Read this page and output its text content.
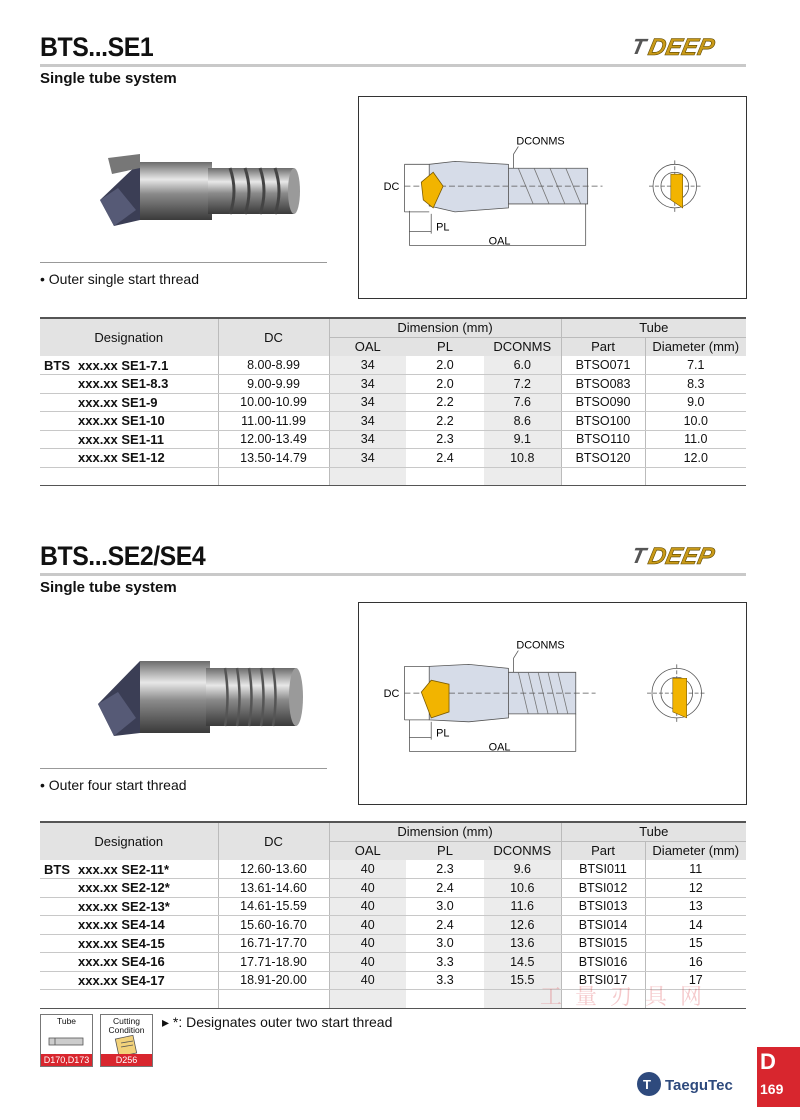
BTS...SE1
Single tube system
T
DEEP
• Outer single start thread
DC
DCONMS
PL
OAL
Designation	DC	Dimension (mm)			Tube	
		OAL	PL	DCONMS	Part	Diameter (mm)
BTS xxx.xx SE1-7.1	8.00-8.99	34	2.0	6.0	BTSO071	7.1
xxx.xx SE1-8.3	9.00-9.99	34	2.0	7.2	BTSO083	8.3
xxx.xx SE1-9	10.00-10.99	34	2.2	7.6	BTSO090	9.0
xxx.xx SE1-10	11.00-11.99	34	2.2	8.6	BTSO100	10.0
xxx.xx SE1-11	12.00-13.49	34	2.3	9.1	BTSO110	11.0
xxx.xx SE1-12	13.50-14.79	34	2.4	10.8	BTSO120	12.0

BTS...SE2/SE4
Single tube system
T
DEEP
• Outer four start thread
DC
DCONMS
PL
OAL
Designation	DC	Dimension (mm)			Tube	
		OAL	PL	DCONMS	Part	Diameter (mm)
BTS xxx.xx SE2-11*	12.60-13.60	40	2.3	9.6	BTSI011	11
xxx.xx SE2-12*	13.61-14.60	40	2.4	10.6	BTSI012	12
xxx.xx SE2-13*	14.61-15.59	40	3.0	11.6	BTSI013	13
xxx.xx SE4-14	15.60-16.70	40	2.4	12.6	BTSI014	14
xxx.xx SE4-15	16.71-17.70	40	3.0	13.6	BTSI015	15
xxx.xx SE4-16	17.71-18.90	40	3.3	14.5	BTSI016	16
xxx.xx SE4-17	18.91-20.00	40	3.3	15.5	BTSI017	17

工 量 刃 具 网
Tube
D170,D173
Cutting Condition
D256
▸ *: Designates outer two start thread
T TaeguTec
D
169
